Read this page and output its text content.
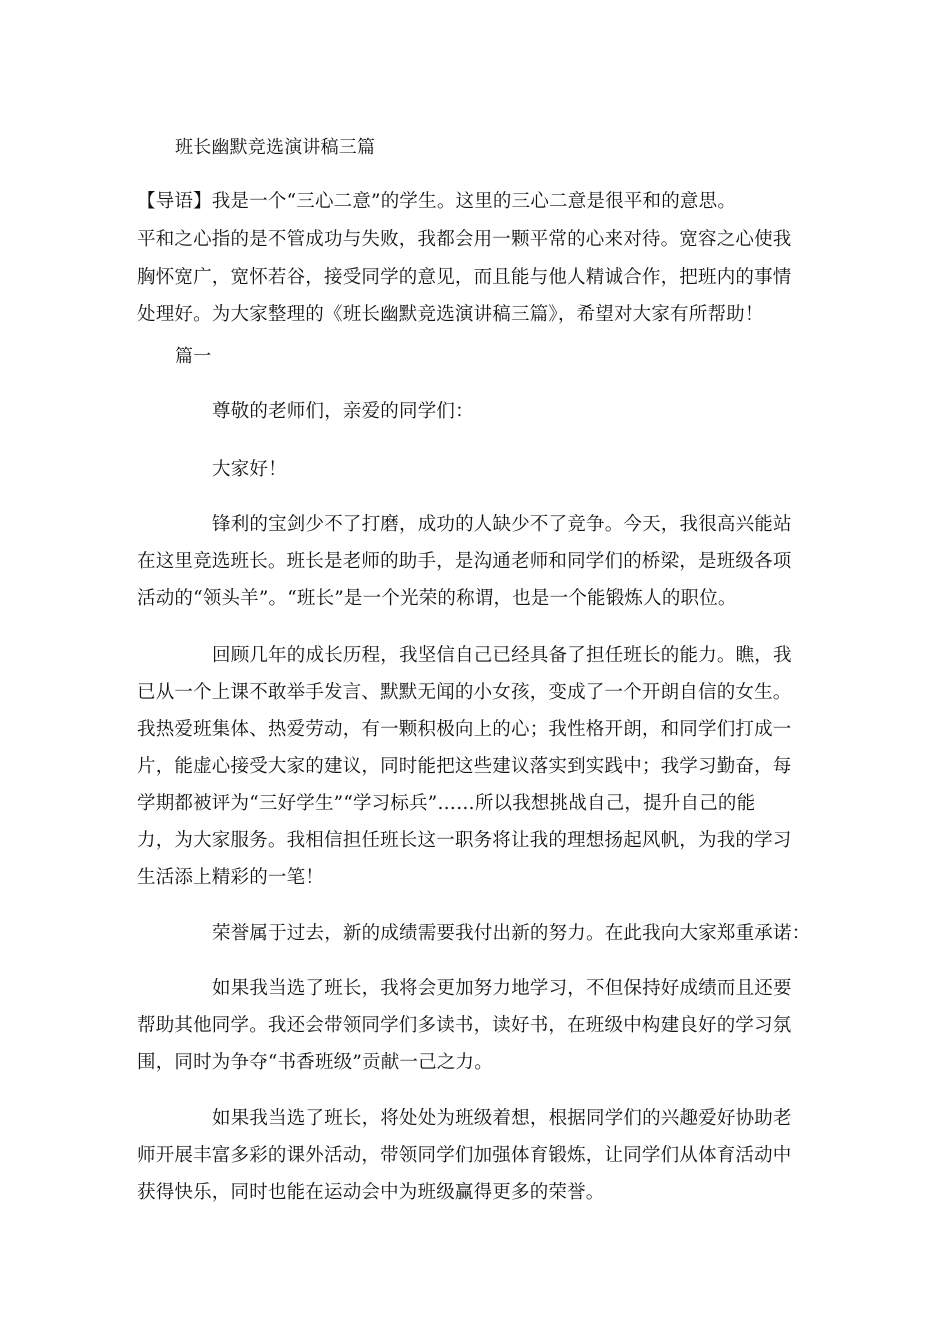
班长幽默竞选演讲稿三篇
【导语】我是一个“三心二意”的学生。这里的三心二意是很平和的意思。
平和之心指的是不管成功与失败，我都会用一颗平常的心来对待。宽容之心使我
胸怀宽广，宽怀若谷，接受同学的意见，而且能与他人精诚合作，把班内的事情
处理好。为大家整理的《班长幽默竞选演讲稿三篇》，希望对大家有所帮助！
篇一
尊敬的老师们，亲爱的同学们：
大家好！
锋利的宝剑少不了打磨，成功的人缺少不了竞争。今天，我很高兴能站
在这里竞选班长。班长是老师的助手，是沟通老师和同学们的桥梁，是班级各项
活动的“领头羊”。“班长”是一个光荣的称谓，也是一个能锻炼人的职位。
回顾几年的成长历程，我坚信自己已经具备了担任班长的能力。瞧，我
已从一个上课不敢举手发言、默默无闻的小女孩，变成了一个开朗自信的女生。
我热爱班集体、热爱劳动，有一颗积极向上的心；我性格开朗，和同学们打成一
片，能虚心接受大家的建议，同时能把这些建议落实到实践中；我学习勤奋，每
学期都被评为“三好学生”“学习标兵”……所以我想挑战自己，提升自己的能
力，为大家服务。我相信担任班长这一职务将让我的理想扬起风帆，为我的学习
生活添上精彩的一笔！
荣誉属于过去，新的成绩需要我付出新的努力。在此我向大家郑重承诺：
如果我当选了班长，我将会更加努力地学习，不但保持好成绩而且还要
帮助其他同学。我还会带领同学们多读书，读好书，在班级中构建良好的学习氛
围，同时为争夺“书香班级”贡献一己之力。
如果我当选了班长，将处处为班级着想，根据同学们的兴趣爱好协助老
师开展丰富多彩的课外活动，带领同学们加强体育锻炼，让同学们从体育活动中
获得快乐，同时也能在运动会中为班级赢得更多的荣誉。
